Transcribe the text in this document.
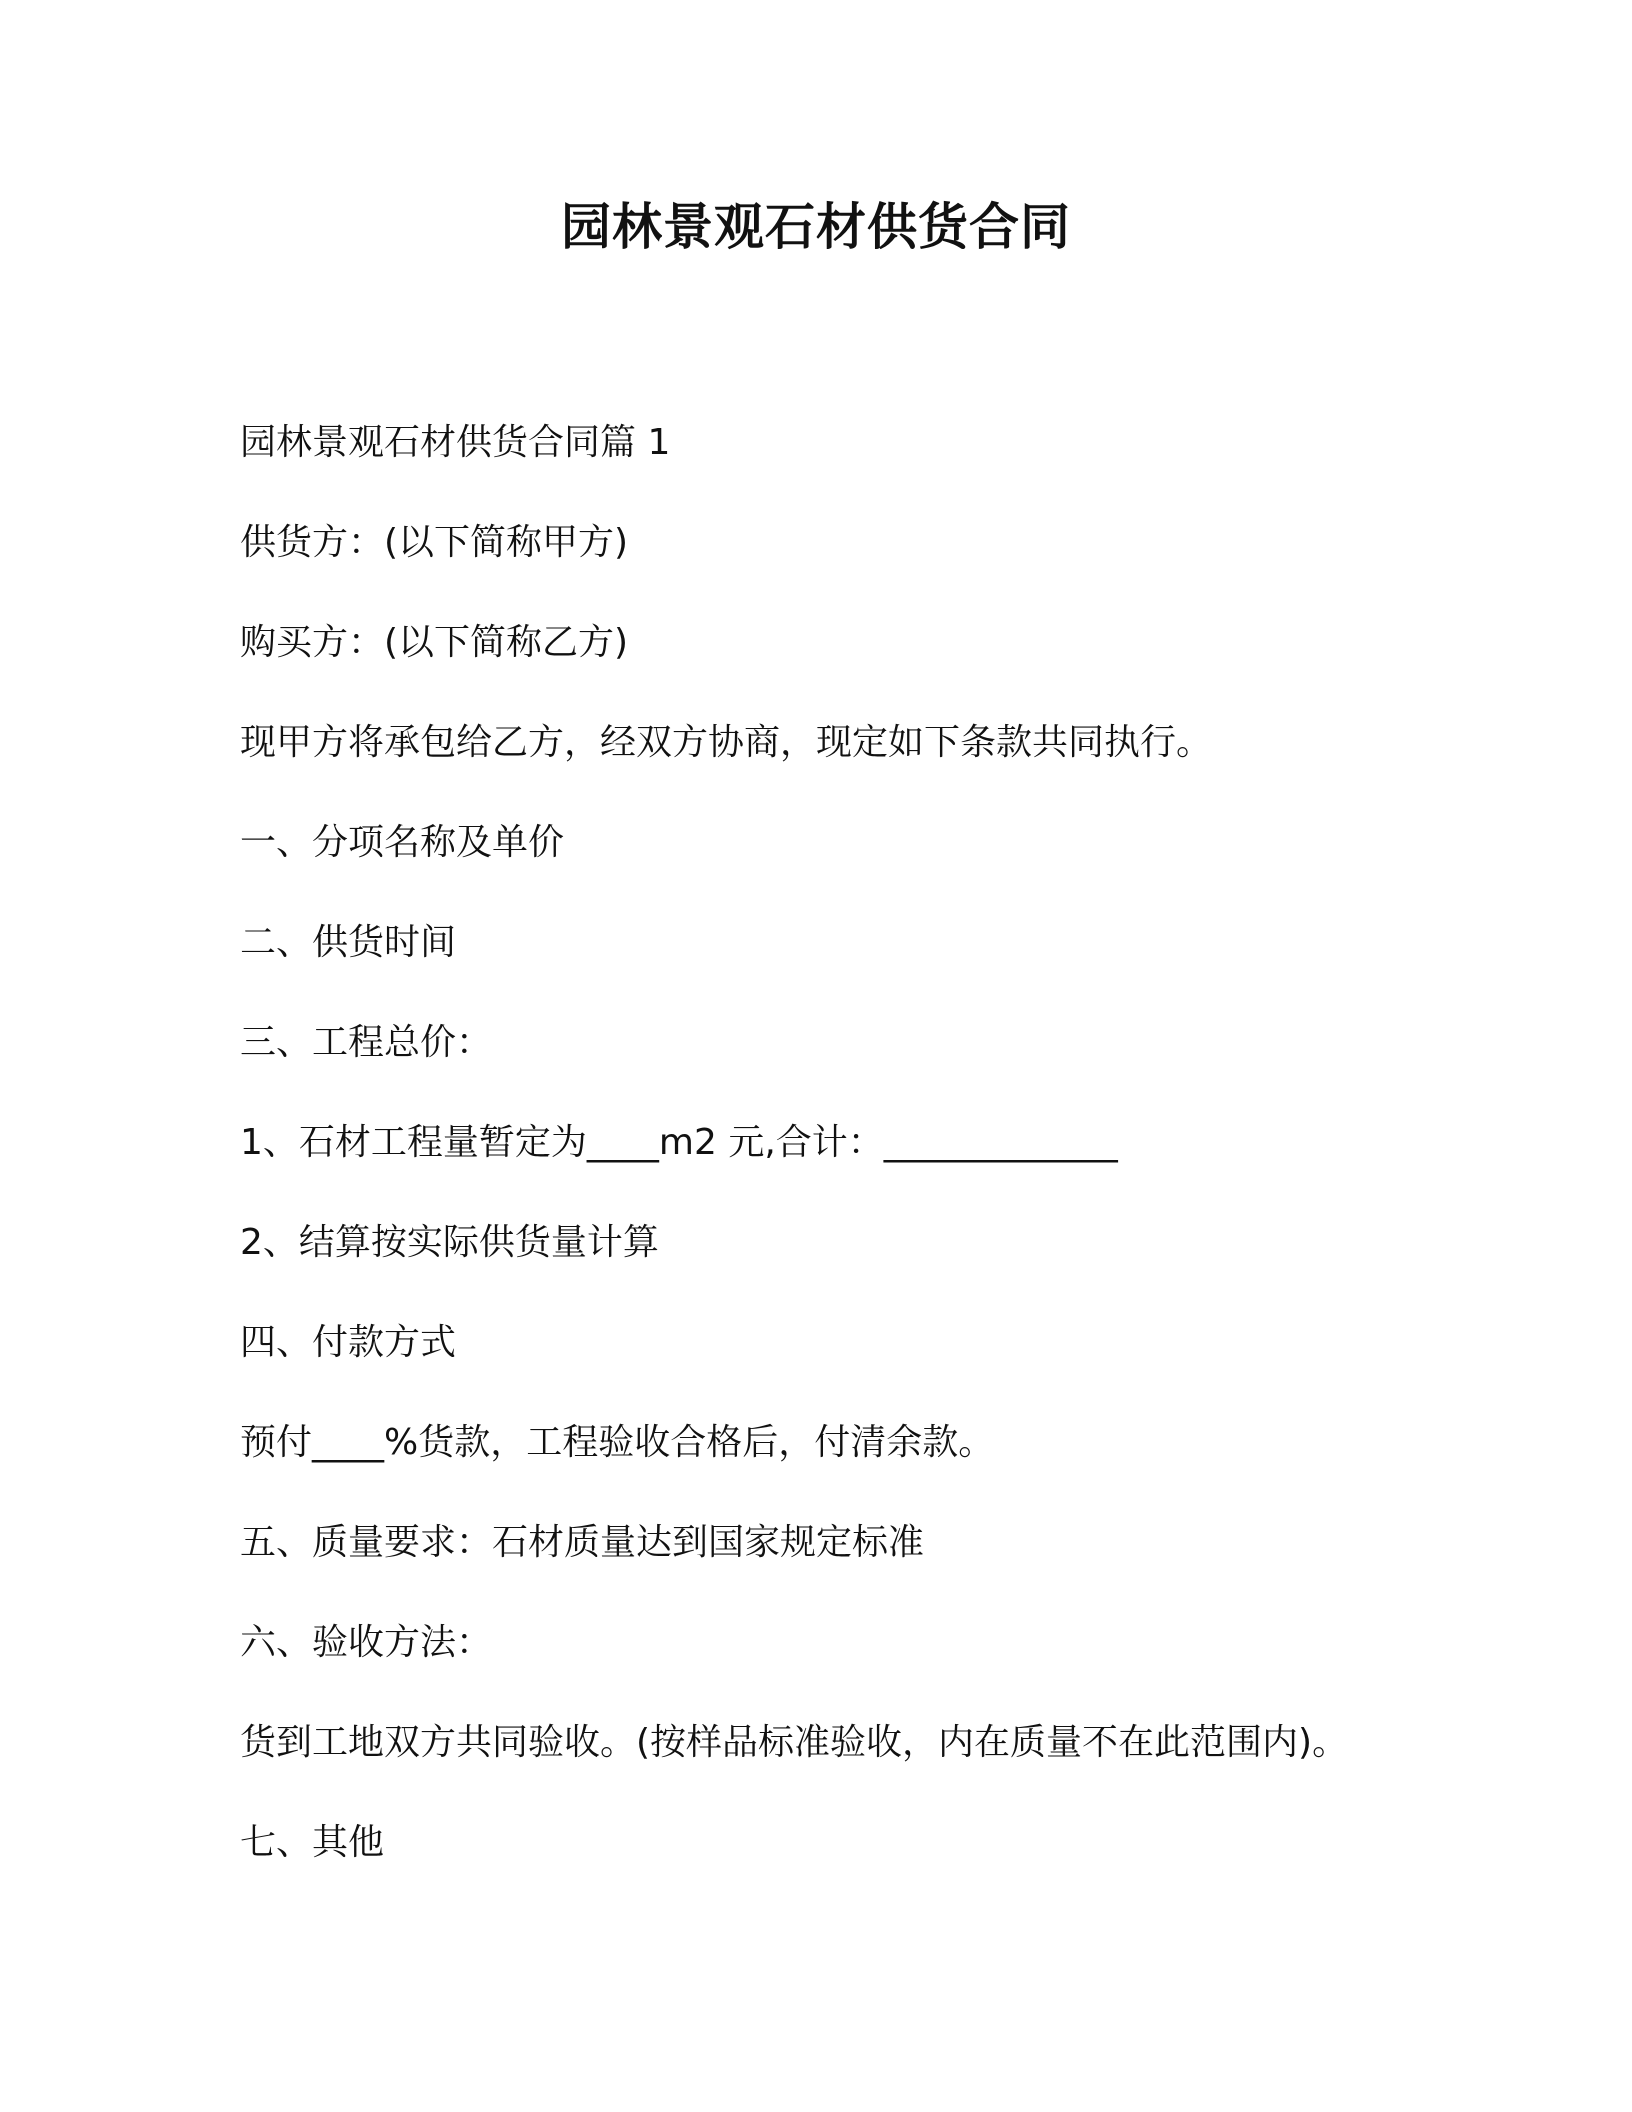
园林景观石材供货合同

园林景观石材供货合同篇 1

供货方：(以下简称甲方)

购买方：(以下简称乙方)

现甲方将承包给乙方，经双方协商，现定如下条款共同执行。

一、分项名称及单价

二、供货时间

三、工程总价：

1、石材工程量暂定为____m2 元,合计：_____________

2、结算按实际供货量计算

四、付款方式

预付____%货款，工程验收合格后，付清余款。

五、质量要求：石材质量达到国家规定标准

六、验收方法：

货到工地双方共同验收。(按样品标准验收，内在质量不在此范围内)。

七、其他
